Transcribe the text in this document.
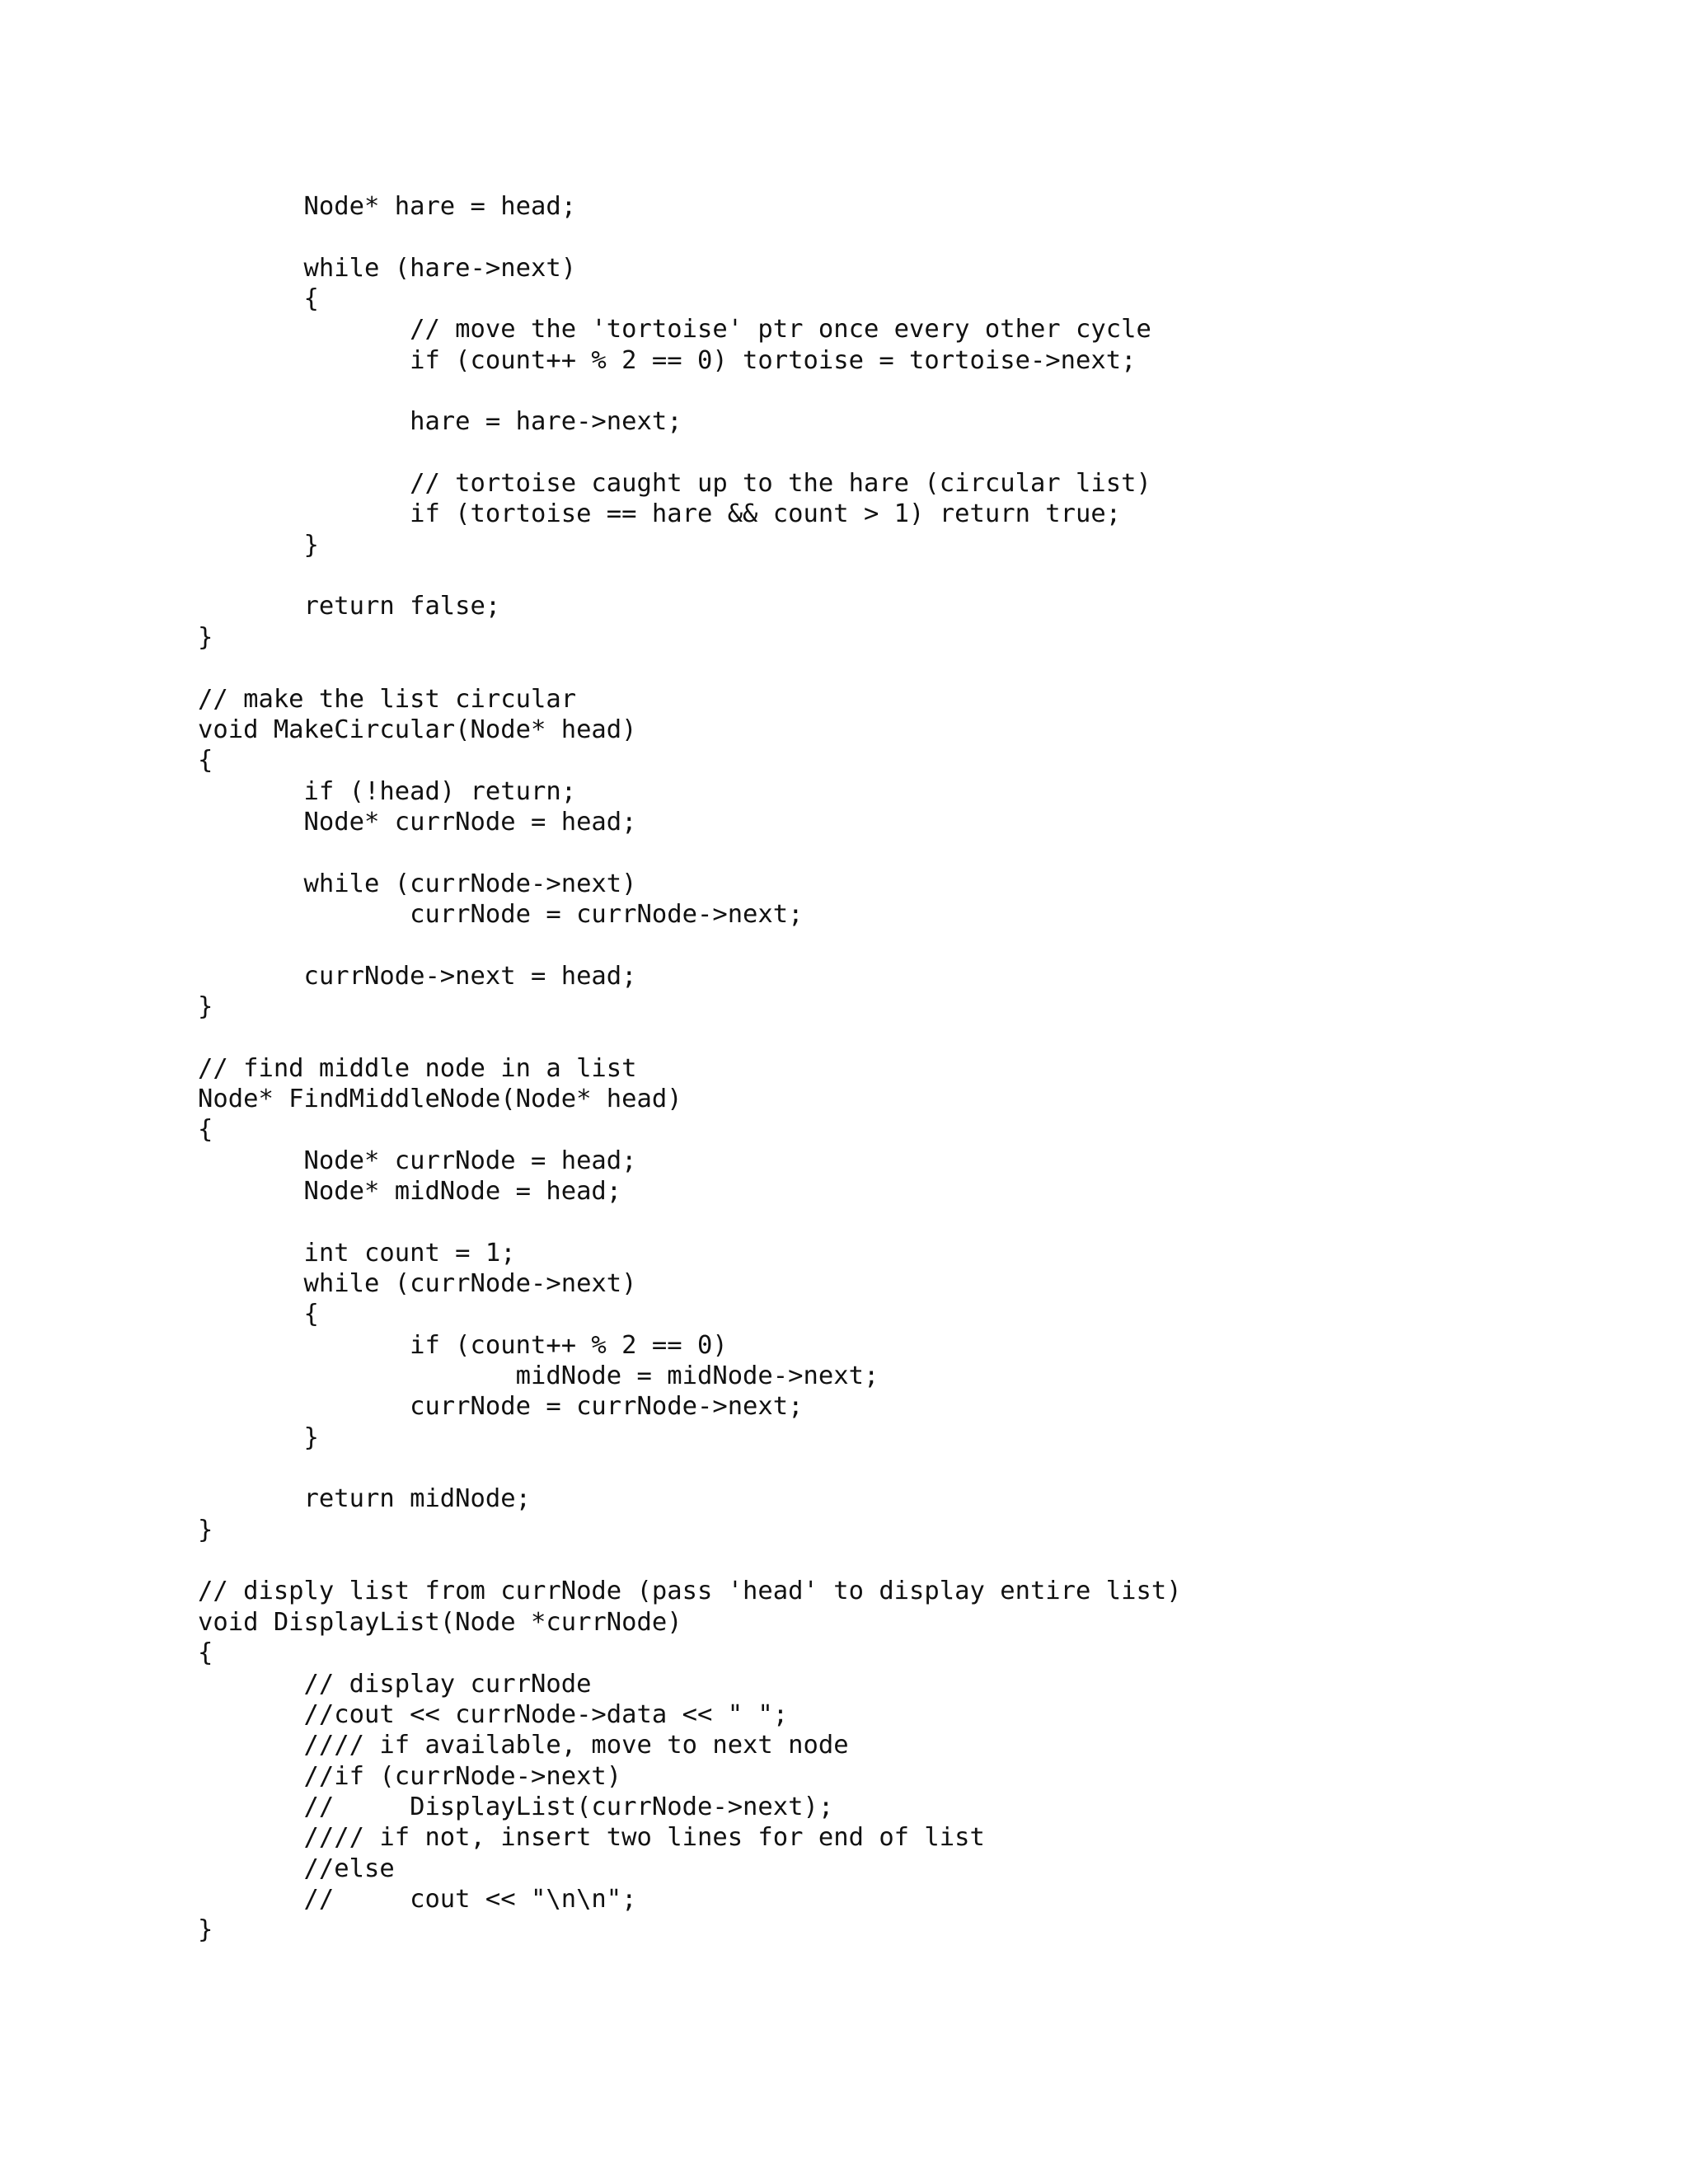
Node* hare = head;
while (hare->next)
{
// move the 'tortoise' ptr once every other cycle
if (count++ % 2 == 0) tortoise = tortoise->next;
hare = hare->next;
// tortoise caught up to the hare (circular list)
if (tortoise == hare && count > 1) return true;
}
return false;
}
// make the list circular
void MakeCircular(Node* head)
{
if (!head) return;
Node* currNode = head;
while (currNode->next)
currNode = currNode->next;
currNode->next = head;
}
// find middle node in a list
Node* FindMiddleNode(Node* head)
{
Node* currNode = head;
Node* midNode = head;
int count = 1;
while (currNode->next)
{
if (count++ % 2 == 0)
midNode = midNode->next;
currNode = currNode->next;
}
return midNode;
}
// disply list from currNode (pass 'head' to display entire list)
void DisplayList(Node *currNode)
{
// display currNode
//cout << currNode->data << " ";
//// if available, move to next node
//if (currNode->next)
//     DisplayList(currNode->next);
//// if not, insert two lines for end of list
//else
//     cout << "\n\n";
}
